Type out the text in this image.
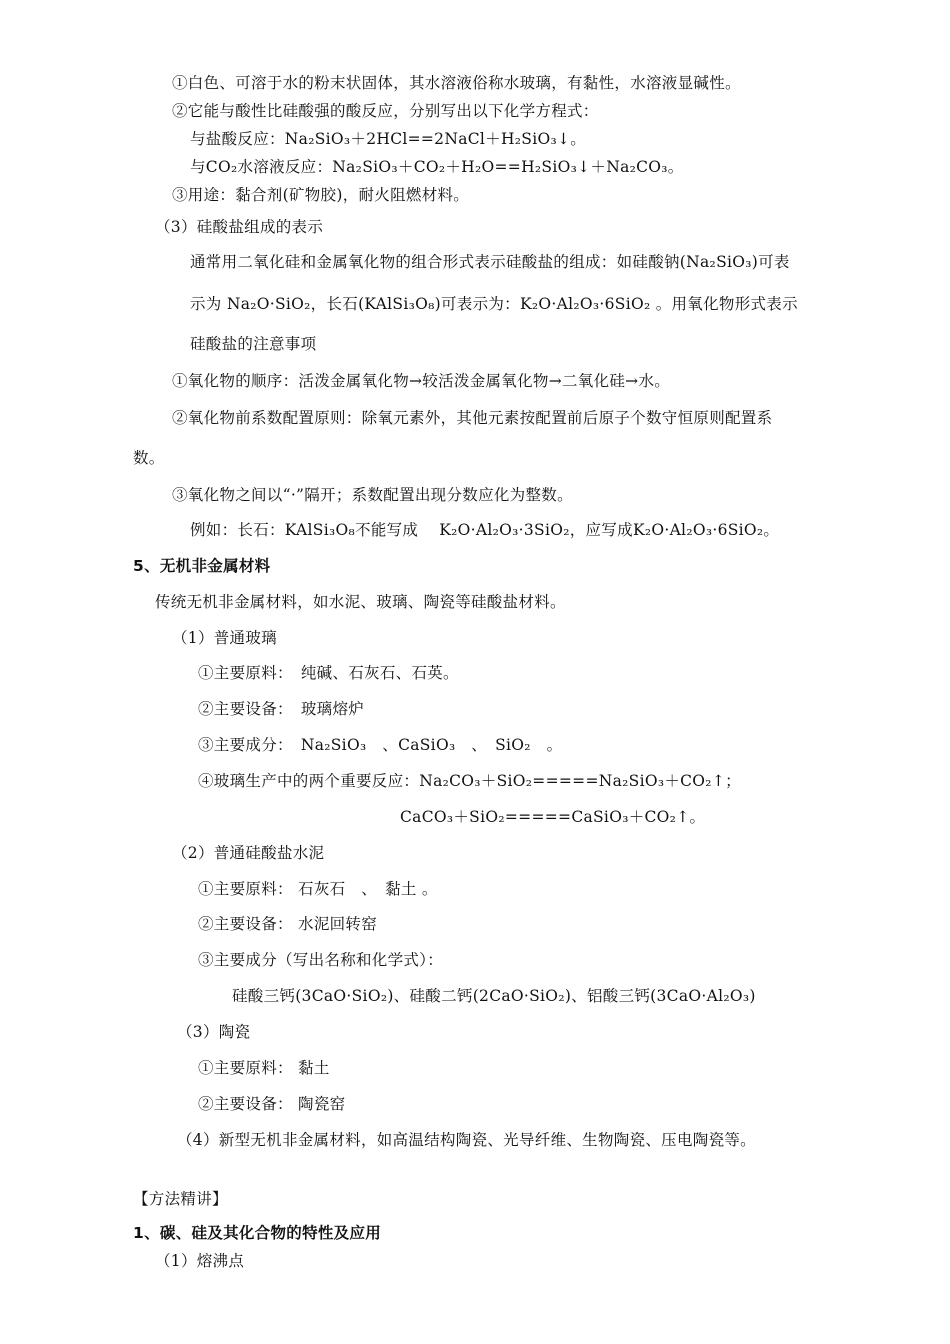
①白色、可溶于水的粉末状固体，其水溶液俗称水玻璃，有黏性，水溶液显碱性。
②它能与酸性比硅酸强的酸反应，分别写出以下化学方程式：
与盐酸反应：Na₂SiO₃＋2HCl==2NaCl＋H₂SiO₃↓。
与CO₂水溶液反应：Na₂SiO₃＋CO₂＋H₂O==H₂SiO₃↓＋Na₂CO₃。
③用途：黏合剂(矿物胶)，耐火阻燃材料。
（3）硅酸盐组成的表示
通常用二氧化硅和金属氧化物的组合形式表示硅酸盐的组成：如硅酸钠(Na₂SiO₃)可表
示为 Na₂O·SiO₂，长石(KAlSi₃O₈)可表示为：K₂O·Al₂O₃·6SiO₂ 。用氧化物形式表示
硅酸盐的注意事项
①氧化物的顺序：活泼金属氧化物→较活泼金属氧化物→二氧化硅→水。
②氧化物前系数配置原则：除氧元素外，其他元素按配置前后原子个数守恒原则配置系
数。
③氧化物之间以“·”隔开；系数配置出现分数应化为整数。
例如：长石：KAlSi₃O₈不能写成　 K₂O·Al₂O₃·3SiO₂，应写成K₂O·Al₂O₃·6SiO₂。
5、无机非金属材料
传统无机非金属材料，如水泥、玻璃、陶瓷等硅酸盐材料。
（1）普通玻璃
①主要原料：　纯碱、石灰石、石英。
②主要设备：　玻璃熔炉
③主要成分：　Na₂SiO₃　、CaSiO₃　、　SiO₂　。
④玻璃生产中的两个重要反应：Na₂CO₃＋SiO₂=====Na₂SiO₃＋CO₂↑；
CaCO₃＋SiO₂=====CaSiO₃＋CO₂↑。
（2）普通硅酸盐水泥
①主要原料： 石灰石　、　黏土 。
②主要设备： 水泥回转窑
③主要成分（写出名称和化学式）：
硅酸三钙(3CaO·SiO₂)、硅酸二钙(2CaO·SiO₂)、铝酸三钙(3CaO·Al₂O₃)
（3）陶瓷
①主要原料： 黏土
②主要设备： 陶瓷窑
（4）新型无机非金属材料，如高温结构陶瓷、光导纤维、生物陶瓷、压电陶瓷等。
【方法精讲】
1、碳、硅及其化合物的特性及应用
（1）熔沸点
